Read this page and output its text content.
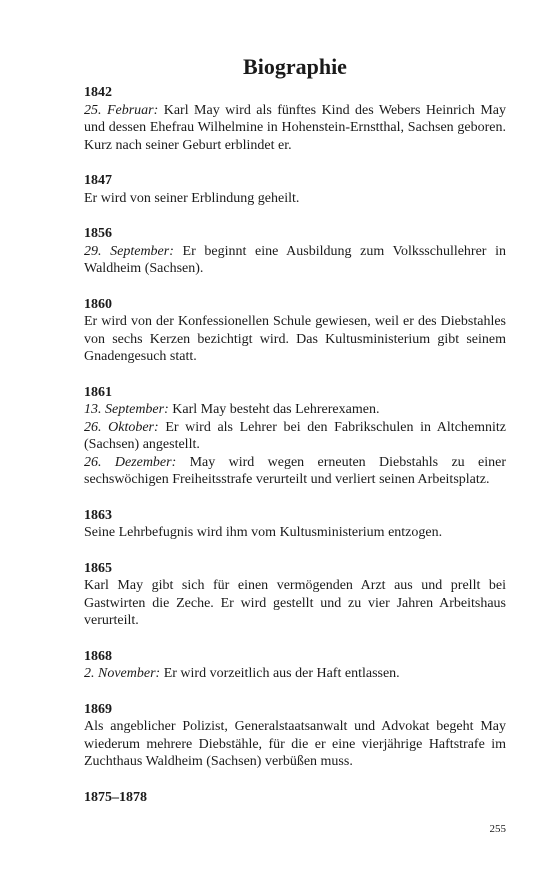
Biographie
1842
25. Februar: Karl May wird als fünftes Kind des Webers Heinrich May und dessen Ehefrau Wilhelmine in Hohenstein-Ernstthal, Sachsen geboren. Kurz nach seiner Geburt erblindet er.
1847
Er wird von seiner Erblindung geheilt.
1856
29. September: Er beginnt eine Ausbildung zum Volksschullehrer in Waldheim (Sachsen).
1860
Er wird von der Konfessionellen Schule gewiesen, weil er des Diebstahles von sechs Kerzen bezichtigt wird. Das Kultusministerium gibt seinem Gnadengesuch statt.
1861
13. September: Karl May besteht das Lehrerexamen.
26. Oktober: Er wird als Lehrer bei den Fabrikschulen in Altchemnitz (Sachsen) angestellt.
26. Dezember: May wird wegen erneuten Diebstahls zu einer sechswöchigen Freiheitsstrafe verurteilt und verliert seinen Arbeitsplatz.
1863
Seine Lehrbefugnis wird ihm vom Kultusministerium entzogen.
1865
Karl May gibt sich für einen vermögenden Arzt aus und prellt bei Gastwirten die Zeche. Er wird gestellt und zu vier Jahren Arbeitshaus verurteilt.
1868
2. November: Er wird vorzeitlich aus der Haft entlassen.
1869
Als angeblicher Polizist, Generalstaatsanwalt und Advokat begeht May wiederum mehrere Diebstähle, für die er eine vierjährige Haftstrafe im Zuchthaus Waldheim (Sachsen) verbüßen muss.
1875–1878
255
